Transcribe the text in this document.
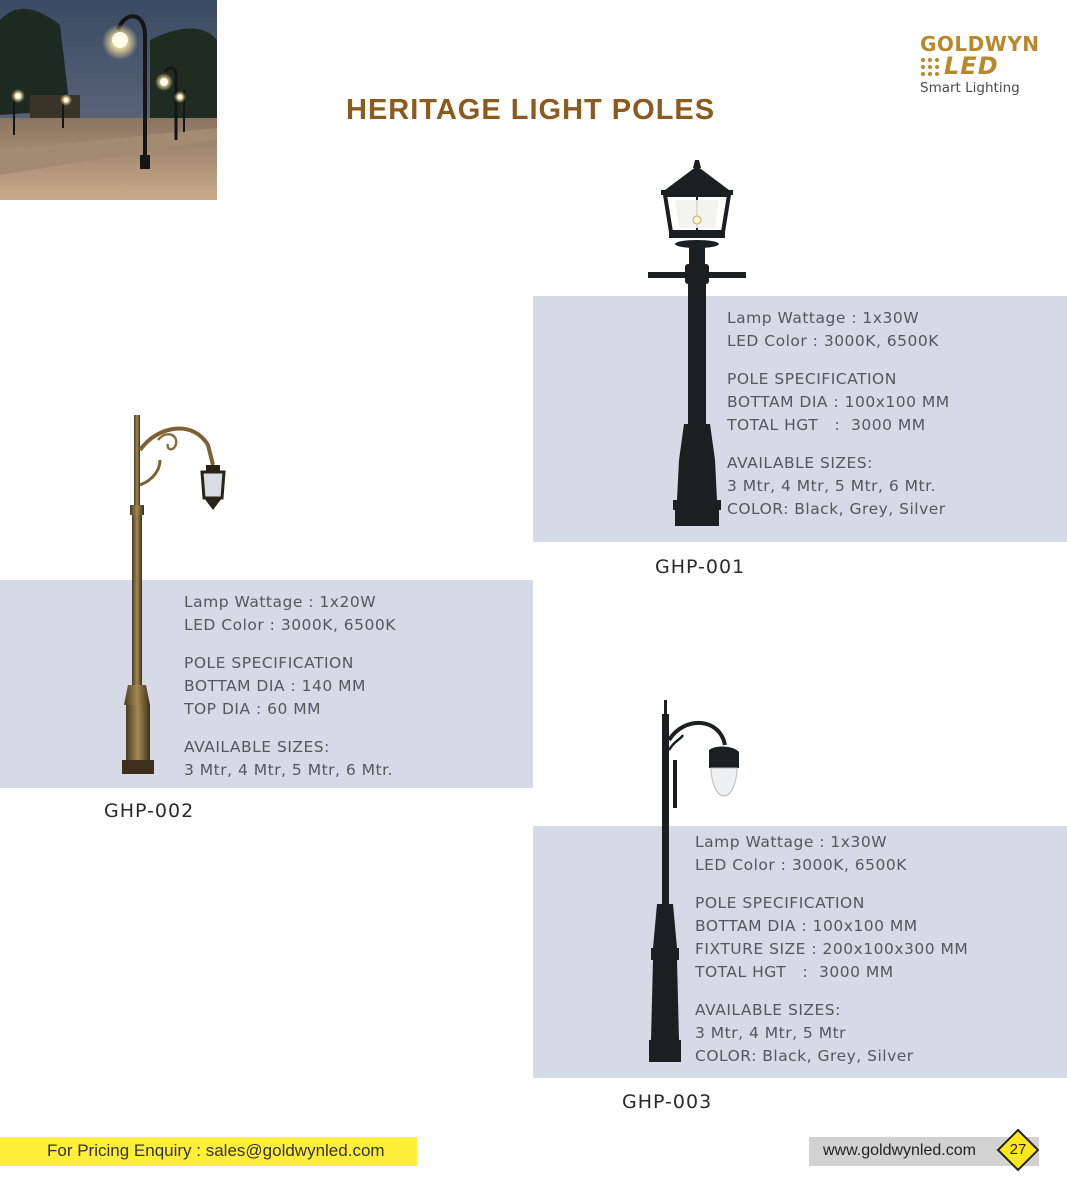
GOLDWYN
LED
Smart Lighting
HERITAGE LIGHT POLES
Lamp Wattage : 1x30W
LED Color : 3000K, 6500K
POLE SPECIFICATION
BOTTAM DIA : 100x100 MM
TOTAL HGT   :  3000 MM
AVAILABLE SIZES:
3 Mtr, 4 Mtr, 5 Mtr, 6 Mtr.
COLOR: Black, Grey, Silver
GHP-001
Lamp Wattage : 1x20W
LED Color : 3000K, 6500K
POLE SPECIFICATION
BOTTAM DIA : 140 MM
TOP DIA : 60 MM
AVAILABLE SIZES:
3 Mtr, 4 Mtr, 5 Mtr, 6 Mtr.
GHP-002
Lamp Wattage : 1x30W
LED Color : 3000K, 6500K
POLE SPECIFICATION
BOTTAM DIA : 100x100 MM
FIXTURE SIZE : 200x100x300 MM
TOTAL HGT   :  3000 MM
AVAILABLE SIZES:
3 Mtr, 4 Mtr, 5 Mtr
COLOR: Black, Grey, Silver
GHP-003
For Pricing Enquiry : sales@goldwynled.com	www.goldwynled.com	27
